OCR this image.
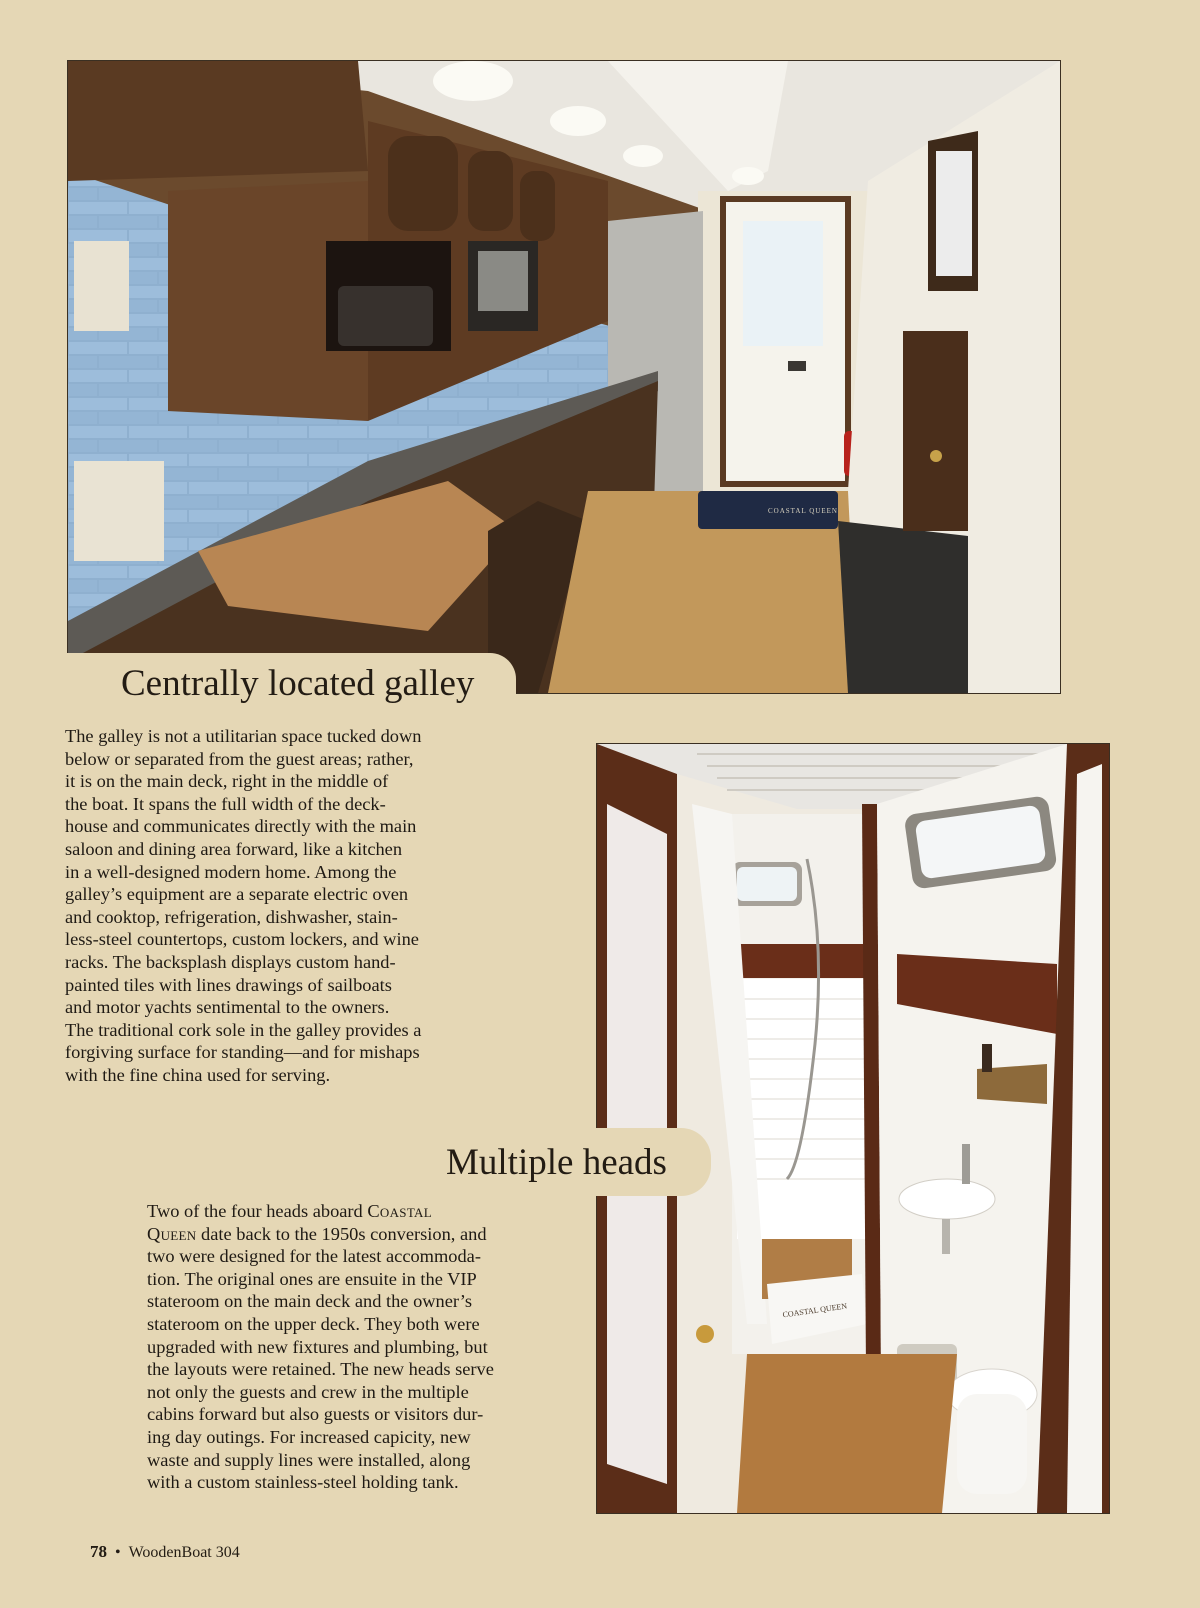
COASTAL QUEEN
Centrally located galley
The galley is not a utilitarian space tucked down
below or separated from the guest areas; rather,
it is on the main deck, right in the middle of
the boat. It spans the full width of the deck-
house and communicates directly with the main
saloon and dining area forward, like a kitchen
in a well-designed modern home. Among the
galley’s equipment are a separate electric oven
and cooktop, refrigeration, dishwasher, stain-
less-steel countertops, custom lockers, and wine
racks. The backsplash displays custom hand-
painted tiles with lines drawings of sailboats
and motor yachts sentimental to the owners.
The traditional cork sole in the galley provides a
forgiving surface for standing—and for mishaps
with the fine china used for serving.
COASTAL QUEEN
Multiple heads
Two of the four heads aboard Coastal
Queen date back to the 1950s conversion, and
two were designed for the latest accommoda-
tion. The original ones are ensuite in the VIP
stateroom on the main deck and the owner’s
stateroom on the upper deck. They both were
upgraded with new fixtures and plumbing, but
the layouts were retained. The new heads serve
not only the guests and crew in the multiple
cabins forward but also guests or visitors dur-
ing day outings. For increased capicity, new
waste and supply lines were installed, along
with a custom stainless-steel holding tank.
78 • WoodenBoat 304
